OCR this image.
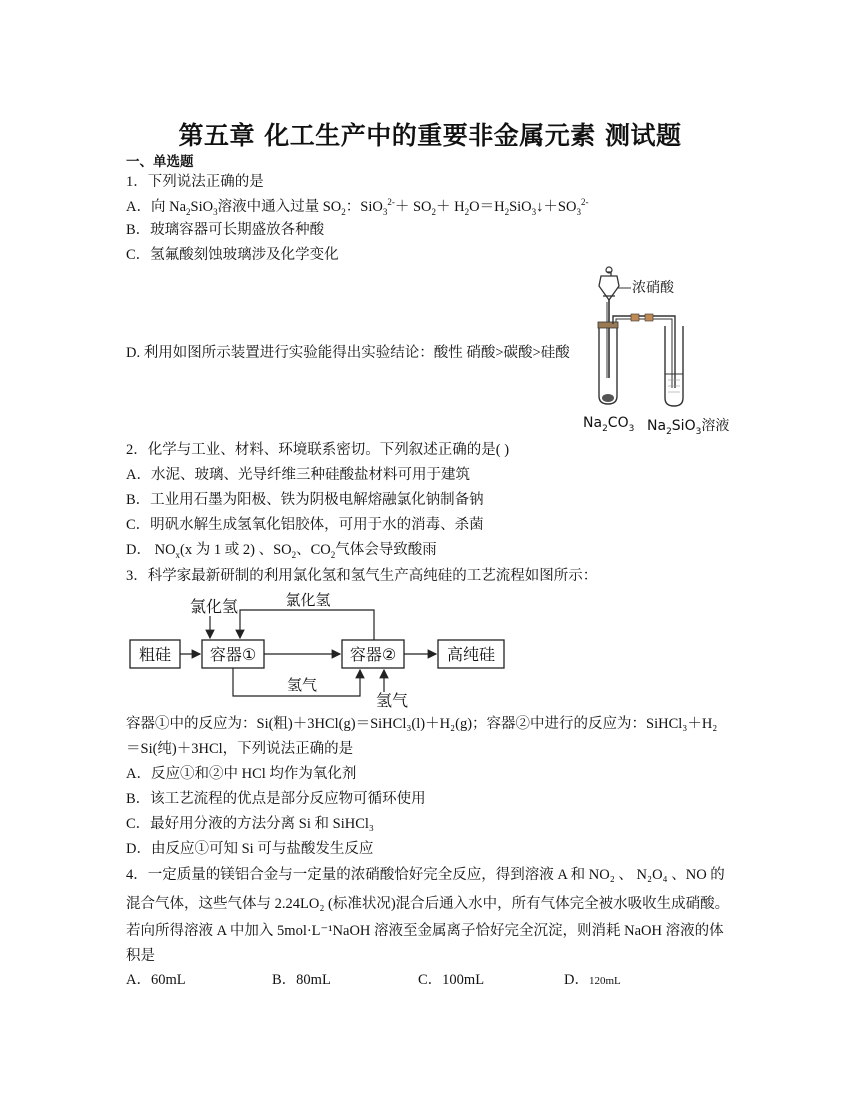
第五章 化工生产中的重要非金属元素 测试题
一、单选题
1．下列说法正确的是
A．向 $Na_2SiO_3$溶液中通入过量 $SO_2$：$SiO_3^{2-}+ SO_2+$ $H_2O=H_2SiO_3↓+SO_3^{2-}$
B．玻璃容器可长期盛放各种酸
C．氢氟酸刻蚀玻璃涉及化学变化
D. 利用如图所示装置进行实验能得出实验结论：酸性 硝酸>碳酸>硅酸
浓硝酸
$Na_2CO_3$ $Na_2SiO_3$溶液
2．化学与工业、材料、环境联系密切。下列叙述正确的是( )
A．水泥、玻璃、光导纤维三种硅酸盐材料可用于建筑
B．工业用石墨为阳极、铁为阴极电解熔融氯化钠制备钠
C．明矾水解生成氢氧化铝胶体，可用于水的消毒、杀菌
D． $NO_x(x$ 为 1 或 2) 、$SO_2$、$CO_2$气体会导致酸雨
3．科学家最新研制的利用氯化氢和氢气生产高纯硅的工艺流程如图所示：
粗硅 容器①	容器②	高纯硅
氯化氢	氯化氢
氢气
氢气
容器①中的反应为：Si(粗)＋3HCl(g)＝SiHCl₃(l)＋H₂(g)；容器②中进行的反应为：SiHCl₃＋H₂
＝Si(纯)＋3HCl，下列说法正确的是
A．反应①和②中 HCl 均作为氧化剂
B．该工艺流程的优点是部分反应物可循环使用
C．最好用分液的方法分离 Si 和 SiHCl₃
D．由反应①可知 Si 可与盐酸发生反应
4．一定质量的镁铝合金与一定量的浓硝酸恰好完全反应，得到溶液 A 和 NO₂ 、 N₂O₄ 、NO 的
混合气体，这些气体与 2.24LO₂ (标准状况)混合后通入水中，所有气体完全被水吸收生成硝酸。
若向所得溶液 A 中加入 5mol·L⁻¹NaOH 溶液至金属离子恰好完全沉淀，则消耗 NaOH 溶液的体
积是
A．60mL	B．80mL	C．100mL	D．120mL
